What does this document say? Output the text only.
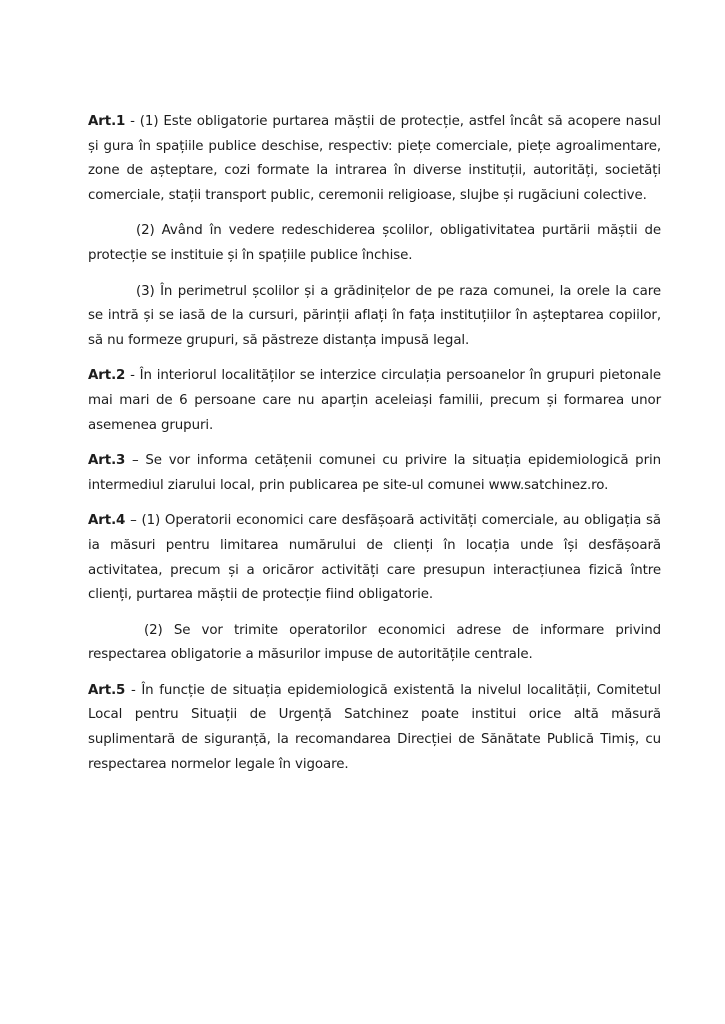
Art.1 - (1) Este obligatorie purtarea măștii de protecție, astfel încât să acopere nasul și gura în spațiile publice deschise, respectiv: piețe comerciale, piețe agroalimentare, zone de așteptare, cozi formate la intrarea în diverse instituții, autorități, societăți comerciale, stații transport public, ceremonii religioase, slujbe și rugăciuni colective.

(2) Având în vedere redeschiderea școlilor, obligativitatea purtării măștii de protecție se instituie și în spațiile publice închise.

(3) În perimetrul școlilor și a grădinițelor de pe raza comunei, la orele la care se intră și se iasă de la cursuri, părinții aflați în fața instituțiilor în așteptarea copiilor, să nu formeze grupuri, să păstreze distanța impusă legal.

Art.2 - În interiorul localităților se interzice circulația persoanelor în grupuri pietonale mai mari de 6 persoane care nu aparțin aceleiași familii, precum și formarea unor asemenea grupuri.

Art.3 – Se vor informa cetățenii comunei cu privire la situația epidemiologică prin intermediul ziarului local, prin publicarea pe site-ul comunei www.satchinez.ro.

Art.4 – (1) Operatorii economici care desfășoară activități comerciale, au obligația să ia măsuri pentru limitarea numărului de clienți în locația unde își desfășoară activitatea, precum și a oricăror activități care presupun interacțiunea fizică între clienți, purtarea măștii de protecție fiind obligatorie.

(2) Se vor trimite operatorilor economici adrese de informare privind respectarea obligatorie a măsurilor impuse de autoritățile centrale.

Art.5 - În funcție de situația epidemiologică existentă la nivelul localității, Comitetul Local pentru Situații de Urgență Satchinez poate institui orice altă măsură suplimentară de siguranță, la recomandarea Direcției de Sănătate Publică Timiș, cu respectarea normelor legale în vigoare.
